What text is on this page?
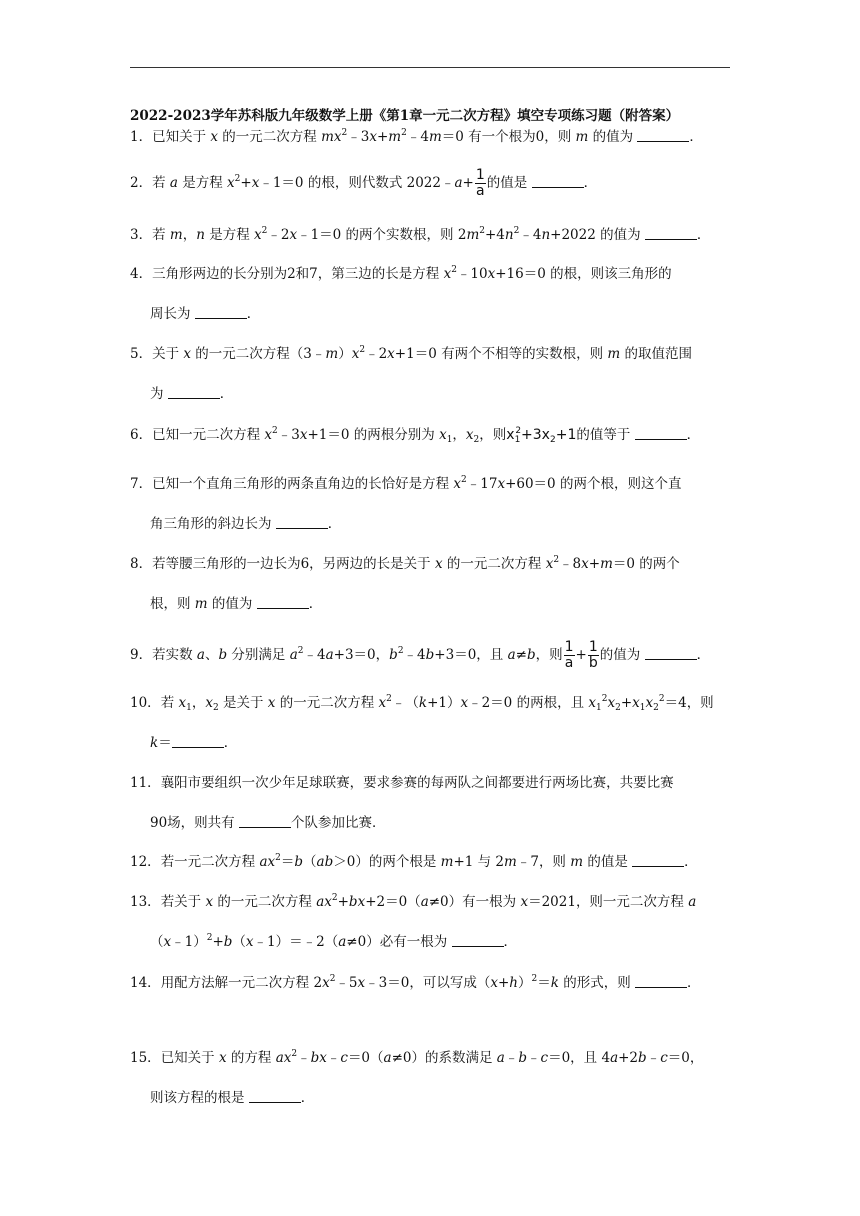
2022-2023学年苏科版九年级数学上册《第1章一元二次方程》填空专项练习题（附答案）
1．已知关于 x 的一元二次方程 $mx^2﹣3x+m^2﹣4m=0$ 有一个根为0，则 m 的值为	．
2．若 a 是方程 $x^2+x﹣1=0$ 的根，则代数式 2022﹣a+ $\frac{1}{a}$ 的值是	．
3．若 m，n 是方程 $x^2﹣2x﹣1=0$ 的两个实数根，则 $2m^2+4n^2﹣4n+2022$ 的值为	．
4．三角形两边的长分别为2和7，第三边的长是方程 $x^2﹣10x+16=0$ 的根，则该三角形的
周长为	．
5．关于 x 的一元二次方程$(3﹣m)x^2﹣2x+1=0$ 有两个不相等的实数根，则 m 的取值范围
为	．
6．已知一元二次方程 $x^2﹣3x+1=0$ 的两根分别为 $x_1$，$x_2$，则$x_1^2+3x_2+1$的值等于	．
7．已知一个直角三角形的两条直角边的长恰好是方程 $x^2﹣17x+60=0$ 的两个根，则这个直
角三角形的斜边长为	．
8．若等腰三角形的一边长为6，另两边的长是关于 x 的一元二次方程 $x^2﹣8x+m=0$ 的两个
根，则 m 的值为	．
9．若实数 a、b 分别满足 $a^2﹣4a+3=0$，$b^2﹣4b+3=0$，且 a≠b，则 $\frac{1}{a} + \frac{1}{b}$ 的值为	．
10．若 $x_1$，$x_2$ 是关于 x 的一元二次方程 $x^2﹣(k+1)x﹣2=0$ 的两根，且 $x_1^2x_2+x_1x_2^2=4$，则
k＝	．
11．襄阳市要组织一次少年足球联赛，要求参赛的每两队之间都要进行两场比赛，共要比赛
90场，则共有	个队参加比赛．
12．若一元二次方程 $ax^2=b(ab>0)$的两个根是 m+1 与 2m﹣7，则 m 的值是	．
13．若关于 x 的一元二次方程 $ax^2+bx+2=0(a\ne 0)$有一根为 x＝2021，则一元二次方程 a
（x﹣1）$^2$+b（x﹣1）＝﹣2（a≠0）必有一根为	．
14．用配方法解一元二次方程 $2x^2﹣5x﹣3=0$，可以写成$(x+h)^2=k$ 的形式，则	．
15．已知关于 x 的方程 $ax^2﹣bx﹣c=0(a\ne 0)$的系数满足 a﹣b﹣c＝0，且 4a+2b﹣c＝0，
则该方程的根是	．
